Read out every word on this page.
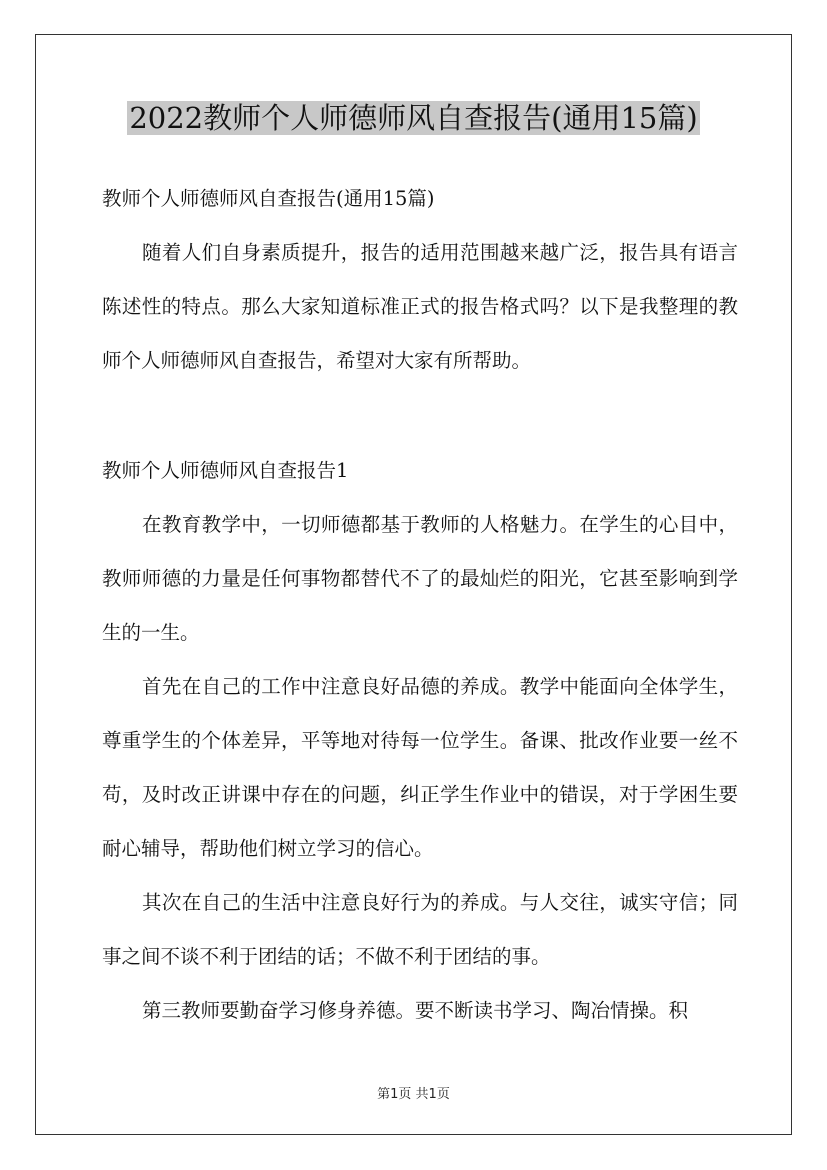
2022教师个人师德师风自查报告(通用15篇)

教师个人师德师风自查报告(通用15篇)

随着人们自身素质提升，报告的适用范围越来越广泛，报告具有语言陈述性的特点。那么大家知道标准正式的报告格式吗？以下是我整理的教师个人师德师风自查报告，希望对大家有所帮助。

教师个人师德师风自查报告1

在教育教学中，一切师德都基于教师的人格魅力。在学生的心目中，教师师德的力量是任何事物都替代不了的最灿烂的阳光，它甚至影响到学生的一生。

首先在自己的工作中注意良好品德的养成。教学中能面向全体学生，尊重学生的个体差异，平等地对待每一位学生。备课、批改作业要一丝不苟，及时改正讲课中存在的问题，纠正学生作业中的错误，对于学困生要耐心辅导，帮助他们树立学习的信心。

其次在自己的生活中注意良好行为的养成。与人交往，诚实守信；同事之间不谈不利于团结的话；不做不利于团结的事。

第三教师要勤奋学习修身养德。要不断读书学习、陶冶情操。积

第1页 共1页
